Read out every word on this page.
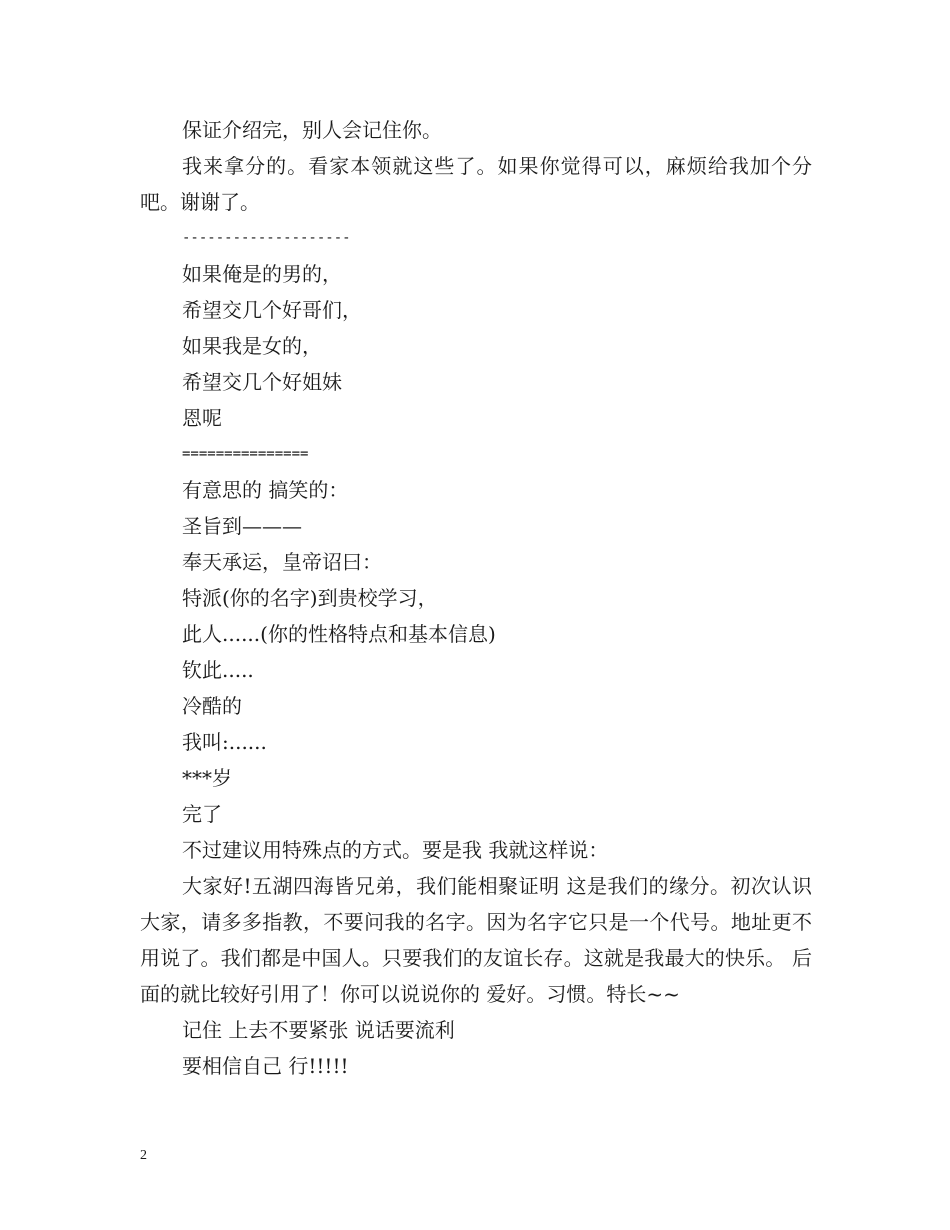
保证介绍完，别人会记住你。

我来拿分的。看家本领就这些了。如果你觉得可以，麻烦给我加个分吧。谢谢了。

--------------------

如果俺是的男的，

希望交几个好哥们，

如果我是女的，

希望交几个好姐妹

恩呢

===============

有意思的 搞笑的：

圣旨到———

奉天承运，皇帝诏曰：

特派(你的名字)到贵校学习，

此人......(你的性格特点和基本信息)

钦此.....

冷酷的

我叫:......

***岁

完了

不过建议用特殊点的方式。要是我 我就这样说：

大家好!五湖四海皆兄弟，我们能相聚证明 这是我们的缘分。初次认识大家，请多多指教，不要问我的名字。因为名字它只是一个代号。地址更不用说了。我们都是中国人。只要我们的友谊长存。这就是我最大的快乐。 后面的就比较好引用了！你可以说说你的 爱好。习惯。特长~~

记住 上去不要紧张 说话要流利

要相信自己 行!!!!!

2
